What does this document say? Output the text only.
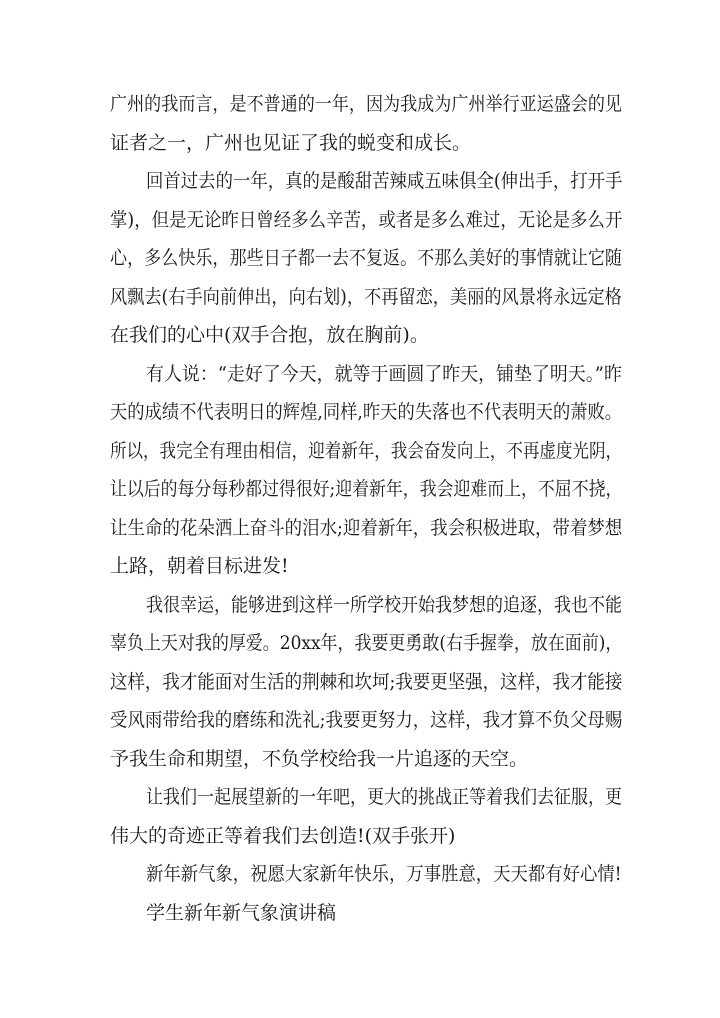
广州的我而言，是不普通的一年，因为我成为广州举行亚运盛会的见

证者之一，广州也见证了我的蜕变和成长。

回首过去的一年，真的是酸甜苦辣咸五味俱全(伸出手，打开手

掌)，但是无论昨日曾经多么辛苦，或者是多么难过，无论是多么开

心，多么快乐，那些日子都一去不复返。不那么美好的事情就让它随

风飘去(右手向前伸出，向右划)，不再留恋，美丽的风景将永远定格

在我们的心中(双手合抱，放在胸前)。

有人说：“走好了今天，就等于画圆了昨天，铺垫了明天。”昨

天的成绩不代表明日的辉煌,同样,昨天的失落也不代表明天的萧败。

所以，我完全有理由相信，迎着新年，我会奋发向上，不再虚度光阴，

让以后的每分每秒都过得很好;迎着新年，我会迎难而上，不屈不挠，

让生命的花朵洒上奋斗的泪水;迎着新年，我会积极进取，带着梦想

上路，朝着目标进发!

我很幸运，能够进到这样一所学校开始我梦想的追逐，我也不能

辜负上天对我的厚爱。20xx年，我要更勇敢(右手握拳，放在面前)，

这样，我才能面对生活的荆棘和坎坷;我要更坚强，这样，我才能接

受风雨带给我的磨练和洗礼;我要更努力，这样，我才算不负父母赐

予我生命和期望，不负学校给我一片追逐的天空。

让我们一起展望新的一年吧，更大的挑战正等着我们去征服，更

伟大的奇迹正等着我们去创造!(双手张开)

新年新气象，祝愿大家新年快乐，万事胜意，天天都有好心情!

学生新年新气象演讲稿
